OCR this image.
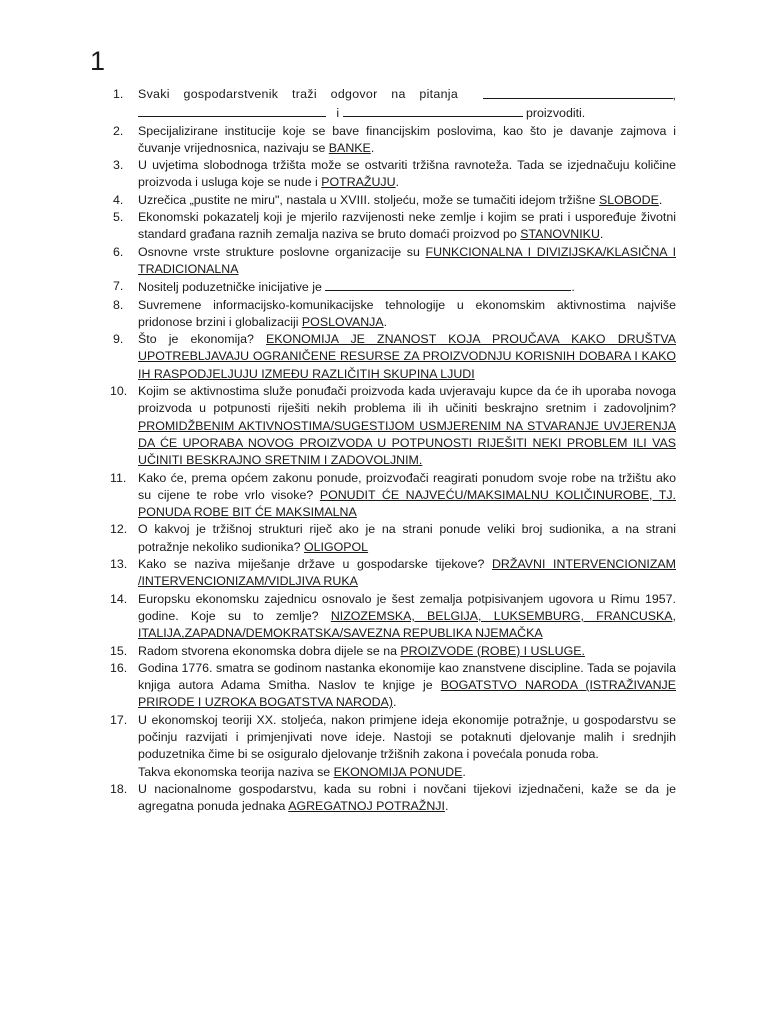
1
1. Svaki gospodarstvenik traži odgovor na pitanja	,
i	proizvoditi.
2. Specijalizirane institucije koje se bave financijskim poslovima, kao što je davanje zajmova i čuvanje vrijednosnica, nazivaju se BANKE.
3. U uvjetima slobodnoga tržišta može se ostvariti tržišna ravnoteža. Tada se izjednačuju količine proizvoda i usluga koje se nude i POTRAŽUJU.
4. Uzrečica „pustite ne miru", nastala u XVIII. stoljeću, može se tumačiti idejom tržišne SLOBODE.
5. Ekonomski pokazatelj koji je mjerilo razvijenosti neke zemlje i kojim se prati i uspoređuje životni standard građana raznih zemalja naziva se bruto domaći proizvod po STANOVNIKU.
6. Osnovne vrste strukture poslovne organizacije su FUNKCIONALNA I DIVIZIJSKA/KLASIČNA I TRADICIONALNA
7. Nositelj poduzetničke inicijative je	.
8. Suvremene informacijsko-komunikacijske tehnologije u ekonomskim aktivnostima najviše pridonose brzini i globalizaciji POSLOVANJA.
9. Što je ekonomija? EKONOMIJA JE ZNANOST KOJA PROUČAVA KAKO DRUŠTVA UPOTREBLJAVAJU OGRANIČENE RESURSE ZA PROIZVODNJU KORISNIH DOBARA I KAKO IH RASPODJELJUJU IZMEĐU RAZLIČITIH SKUPINA LJUDI
10. Kojim se aktivnostima služe ponuđači proizvoda kada uvjeravaju kupce da će ih uporaba novoga proizvoda u potpunosti riješiti nekih problema ili ih učiniti beskrajno sretnim i zadovoljnim? PROMIDŽBENIM AKTIVNOSTIMA/SUGESTIJOM USMJERENIM NA STVARANJE UVJERENJA DA ĆE UPORABA NOVOG PROIZVODA U POTPUNOSTI RIJEŠITI NEKI PROBLEM ILI VAS UČINITI BESKRAJNO SRETNIM I ZADOVOLJNIM.
11. Kako će, prema općem zakonu ponude, proizvođači reagirati ponudom svoje robe na tržištu ako su cijene te robe vrlo visoke? PONUDIT ĆE NAJVEĆU/MAKSIMALNU KOLIČINUROBE, TJ. PONUDA ROBE BIT ĆE MAKSIMALNA
12. O kakvoj je tržišnoj strukturi riječ ako je na strani ponude veliki broj sudionika, a na strani potražnje nekoliko sudionika? OLIGOPOL
13. Kako se naziva miješanje države u gospodarske tijekove? DRŽAVNI INTERVENCIONIZAM /INTERVENCIONIZAM/VIDLJIVA RUKA
14. Europsku ekonomsku zajednicu osnovalo je šest zemalja potpisivanjem ugovora u Rimu 1957. godine. Koje su to zemlje? NIZOZEMSKA, BELGIJA, LUKSEMBURG, FRANCUSKA, ITALIJA,ZAPADNA/DEMOKRATSKA/SAVEZNA REPUBLIKA NJEMAČKA
15. Radom stvorena ekonomska dobra dijele se na PROIZVODE (ROBE) I USLUGE.
16. Godina 1776. smatra se godinom nastanka ekonomije kao znanstvene discipline. Tada se pojavila knjiga autora Adama Smitha. Naslov te knjige je BOGATSTVO NARODA (ISTRAŽIVANJE PRIRODE I UZROKA BOGATSTVA NARODA).
17. U ekonomskoj teoriji XX. stoljeća, nakon primjene ideja ekonomije potražnje, u gospodarstvu se počinju razvijati i primjenjivati nove ideje. Nastoji se potaknuti djelovanje malih i srednjih poduzetnika čime bi se osiguralo djelovanje tržišnih zakona i povećala ponuda roba.
Takva ekonomska teorija naziva se EKONOMIJA PONUDE.
18. U nacionalnome gospodarstvu, kada su robni i novčani tijekovi izjednačeni, kaže se da je agregatna ponuda jednaka AGREGATNOJ POTRAŽNJI.
